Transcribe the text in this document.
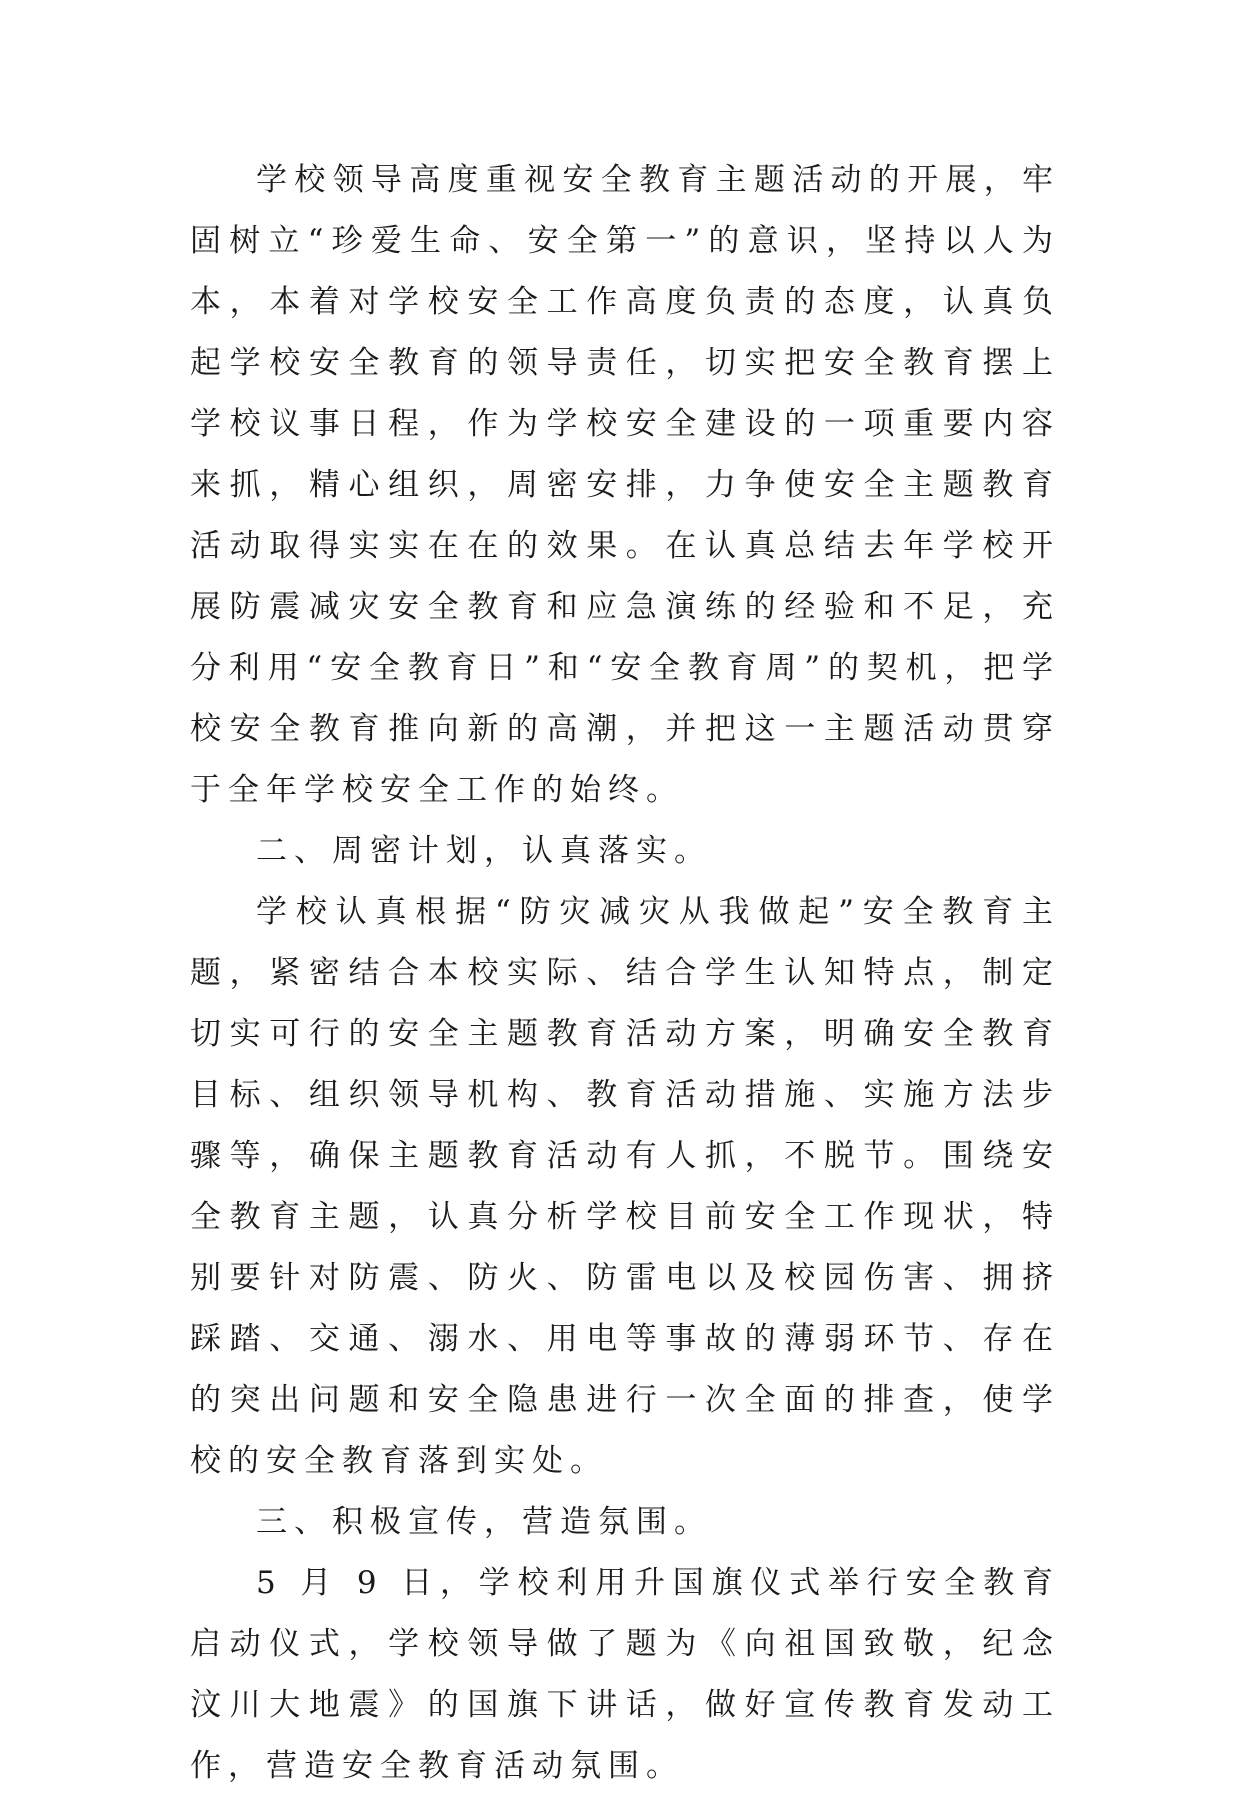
学校领导高度重视安全教育主题活动的开展，牢固树立“珍爱生命、安全第一”的意识，坚持以人为本，本着对学校安全工作高度负责的态度，认真负起学校安全教育的领导责任，切实把安全教育摆上学校议事日程，作为学校安全建设的一项重要内容来抓，精心组织，周密安排，力争使安全主题教育活动取得实实在在的效果。在认真总结去年学校开展防震减灾安全教育和应急演练的经验和不足，充分利用“安全教育日”和“安全教育周”的契机，把学校安全教育推向新的高潮，并把这一主题活动贯穿于全年学校安全工作的始终。

二、周密计划，认真落实。

学校认真根据“防灾减灾从我做起”安全教育主题，紧密结合本校实际、结合学生认知特点，制定切实可行的安全主题教育活动方案，明确安全教育目标、组织领导机构、教育活动措施、实施方法步骤等，确保主题教育活动有人抓，不脱节。围绕安全教育主题，认真分析学校目前安全工作现状，特别要针对防震、防火、防雷电以及校园伤害、拥挤踩踏、交通、溺水、用电等事故的薄弱环节、存在的突出问题和安全隐患进行一次全面的排查，使学校的安全教育落到实处。

三、积极宣传，营造氛围。

5 月 9 日，学校利用升国旗仪式举行安全教育启动仪式，学校领导做了题为《向祖国致敬，纪念汶川大地震》的国旗下讲话，做好宣传教育发动工作，营造安全教育活动氛围。
